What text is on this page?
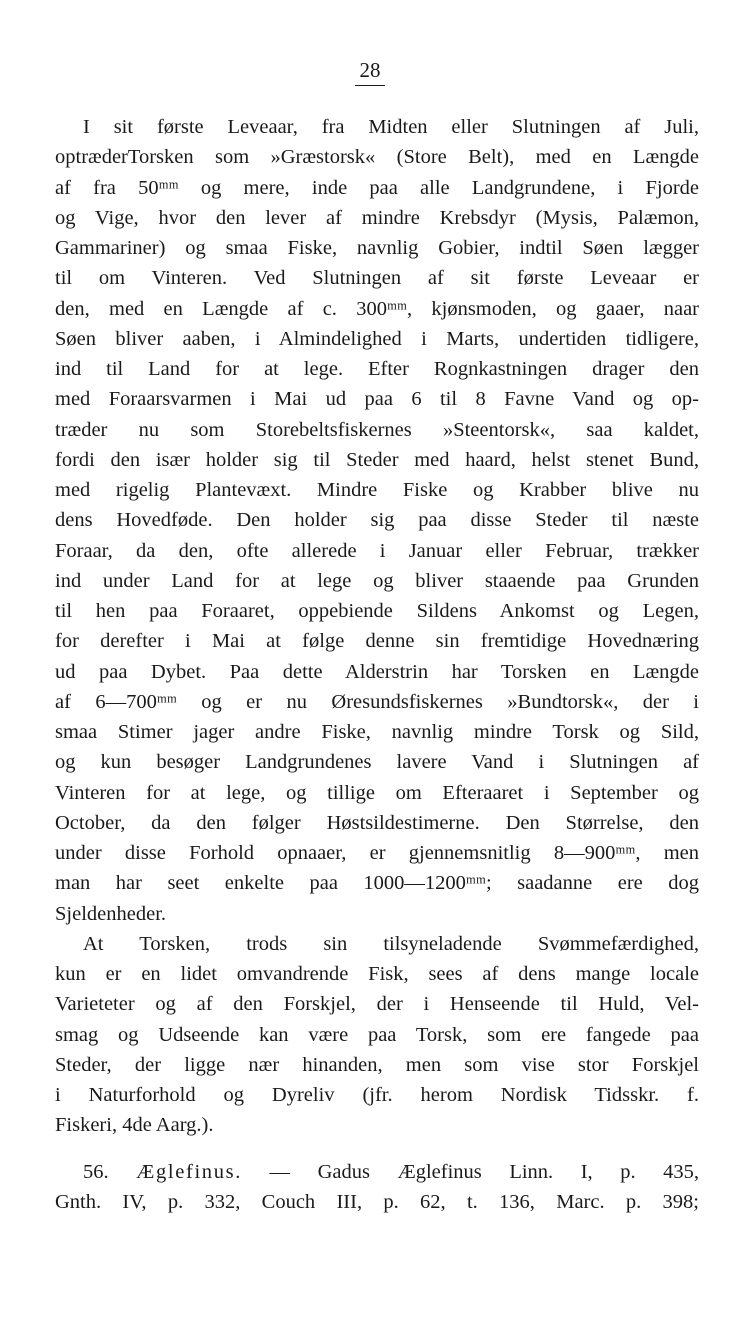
28
I sit første Leveaar, fra Midten eller Slutningen af Juli,
optræderTorsken som »Græstorsk« (Store Belt), med en Længde
af fra 50ᵐᵐ og mere, inde paa alle Landgrundene, i Fjorde
og Vige, hvor den lever af mindre Krebsdyr (Mysis, Palæmon,
Gammariner) og smaa Fiske, navnlig Gobier, indtil Søen lægger
til om Vinteren. Ved Slutningen af sit første Leveaar er
den, med en Længde af c. 300ᵐᵐ, kjønsmoden, og gaaer, naar
Søen bliver aaben, i Almindelighed i Marts, undertiden tidligere,
ind til Land for at lege. Efter Rognkastningen drager den
med Foraarsvarmen i Mai ud paa 6 til 8 Favne Vand og op-
træder nu som Storebeltsfiskernes »Steentorsk«, saa kaldet,
fordi den især holder sig til Steder med haard, helst stenet Bund,
med rigelig Plantevæxt. Mindre Fiske og Krabber blive nu
dens Hovedføde. Den holder sig paa disse Steder til næste
Foraar, da den, ofte allerede i Januar eller Februar, trækker
ind under Land for at lege og bliver staaende paa Grunden
til hen paa Foraaret, oppebiende Sildens Ankomst og Legen,
for derefter i Mai at følge denne sin fremtidige Hovednæring
ud paa Dybet. Paa dette Alderstrin har Torsken en Længde
af 6—700ᵐᵐ og er nu Øresundsfiskernes »Bundtorsk«, der i
smaa Stimer jager andre Fiske, navnlig mindre Torsk og Sild,
og kun besøger Landgrundenes lavere Vand i Slutningen af
Vinteren for at lege, og tillige om Efteraaret i September og
October, da den følger Høstsildestimerne. Den Størrelse, den
under disse Forhold opnaaer, er gjennemsnitlig 8—900ᵐᵐ, men
man har seet enkelte paa 1000—1200ᵐᵐ; saadanne ere dog
Sjeldenheder.
At Torsken, trods sin tilsyneladende Svømmefærdighed,
kun er en lidet omvandrende Fisk, sees af dens mange locale
Varieteter og af den Forskjel, der i Henseende til Huld, Vel-
smag og Udseende kan være paa Torsk, som ere fangede paa
Steder, der ligge nær hinanden, men som vise stor Forskjel
i Naturforhold og Dyreliv (jfr. herom Nordisk Tidsskr. f.
Fiskeri, 4de Aarg.).
56. Æglefinus. — Gadus Æglefinus Linn. I, p. 435,
Gnth. IV, p. 332, Couch III, p. 62, t. 136, Marc. p. 398;
